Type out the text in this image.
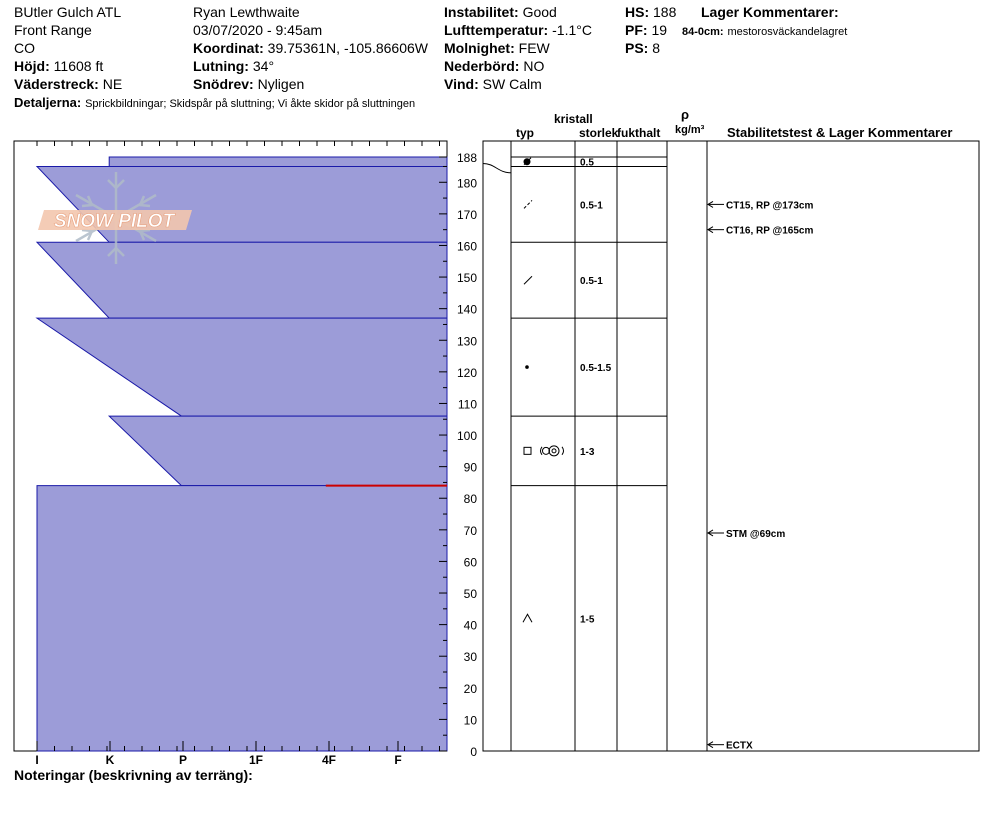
BUtler Gulch ATL
Front Range
CO
Höjd: 11608 ft
Väderstreck: NE
Detaljerna: Sprickbildningar; Skidspår på sluttning; Vi åkte skidor på sluttningen
Ryan Lewthwaite
03/07/2020 - 9:45am
Koordinat: 39.75361N, -105.86606W
Lutning: 34°
Snödrev: Nyligen
Instabilitet: Good
Lufttemperatur: -1.1°C
Molnighet: FEW
Nederbörd: NO
Vind: SW Calm
HS: 188
PF: 19
PS: 8
Lager Kommentarer:
84-0cm: mestorosväckandelagret
I	K	P	1F	4F	F
0
10
20
30
40
50
60
70
80
90
100
110
120
130
140
150
160
170
180
188	0.5
0.5-1
0.5-1
0.5-1.5
1-3
1-5
CT15, RP @173cm
CT16, RP @165cm
STM @69cm
ECTX
SNOW PILOT
kristall
typ	storlek
fukthalt
ρ
kg/m³ Stabilitetstest & Lager Kommentarer
Noteringar (beskrivning av terräng):
